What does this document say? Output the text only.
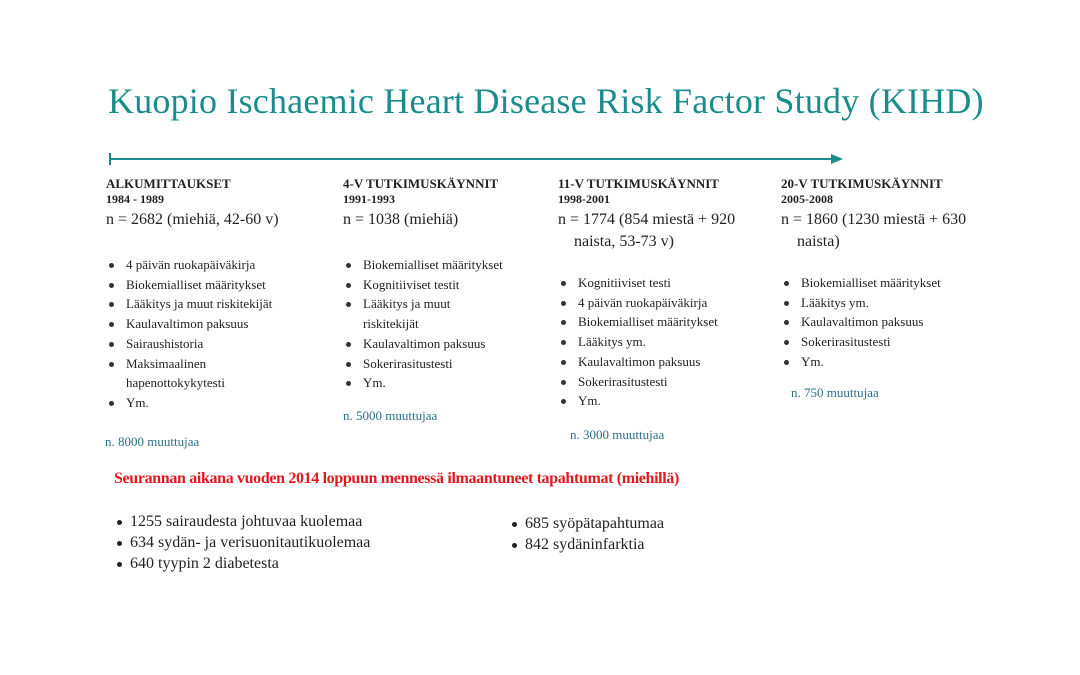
Kuopio Ischaemic Heart Disease Risk Factor Study (KIHD)
ALKUMITTAUKSET
1984 - 1989
n = 2682 (miehiä, 42-60 v)
4 päivän ruokapäiväkirja
Biokemialliset määritykset
Lääkitys ja muut riskitekijät
Kaulavaltimon paksuus
Sairaushistoria
Maksimaalinen hapenottokykytesti
Ym.
n. 8000 muuttujaa
4-V TUTKIMUSKÄYNNIT
1991-1993
n = 1038 (miehiä)
Biokemialliset määritykset
Kognitiiviset testit
Lääkitys ja muut riskitekijät
Kaulavaltimon paksuus
Sokerirasitustesti
Ym.
n. 5000 muuttujaa
11-V TUTKIMUSKÄYNNIT
1998-2001
n = 1774 (854 miestä + 920
naista, 53-73 v)
Kognitiiviset testi
4 päivän ruokapäiväkirja
Biokemialliset määritykset
Lääkitys ym.
Kaulavaltimon paksuus
Sokerirasitustesti
Ym.
n. 3000 muuttujaa
20-V TUTKIMUSKÄYNNIT
2005-2008
n = 1860 (1230 miestä + 630
naista)
Biokemialliset määritykset
Lääkitys ym.
Kaulavaltimon paksuus
Sokerirasitustesti
Ym.
n. 750 muuttujaa
Seurannan aikana vuoden 2014 loppuun mennessä ilmaantuneet tapahtumat (miehillä)
1255 sairaudesta johtuvaa kuolemaa
634 sydän- ja verisuonitautikuolemaa
640 tyypin 2 diabetesta
685 syöpätapahtumaa
842 sydäninfarktia
